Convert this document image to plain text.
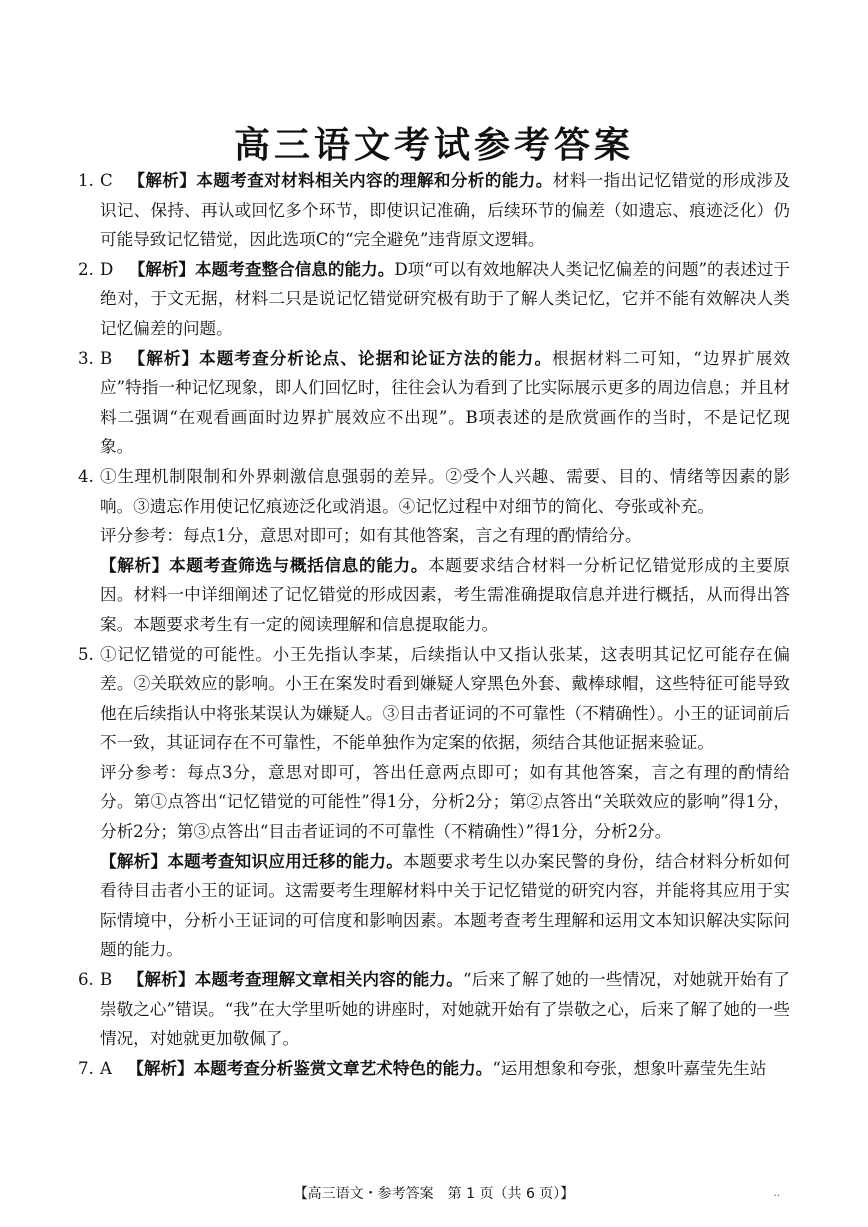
高三语文考试参考答案
1. C 【解析】本题考查对材料相关内容的理解和分析的能力。材料一指出记忆错觉的形成涉及识记、保持、再认或回忆多个环节，即使识记准确，后续环节的偏差（如遗忘、痕迹泛化）仍可能导致记忆错觉，因此选项C的“完全避免”违背原文逻辑。
2. D 【解析】本题考查整合信息的能力。D项“可以有效地解决人类记忆偏差的问题”的表述过于绝对，于文无据，材料二只是说记忆错觉研究极有助于了解人类记忆，它并不能有效解决人类记忆偏差的问题。
3. B 【解析】本题考查分析论点、论据和论证方法的能力。根据材料二可知，“边界扩展效应”特指一种记忆现象，即人们回忆时，往往会认为看到了比实际展示更多的周边信息；并且材料二强调“在观看画面时边界扩展效应不出现”。B项表述的是欣赏画作的当时，不是记忆现象。
4. ①生理机制限制和外界刺激信息强弱的差异。②受个人兴趣、需要、目的、情绪等因素的影响。③遗忘作用使记忆痕迹泛化或消退。④记忆过程中对细节的简化、夸张或补充。
评分参考：每点1分，意思对即可；如有其他答案，言之有理的酌情给分。
【解析】本题考查筛选与概括信息的能力。本题要求结合材料一分析记忆错觉形成的主要原因。材料一中详细阐述了记忆错觉的形成因素，考生需准确提取信息并进行概括，从而得出答案。本题要求考生有一定的阅读理解和信息提取能力。
5. ①记忆错觉的可能性。小王先指认李某，后续指认中又指认张某，这表明其记忆可能存在偏差。②关联效应的影响。小王在案发时看到嫌疑人穿黑色外套、戴棒球帽，这些特征可能导致他在后续指认中将张某误认为嫌疑人。③目击者证词的不可靠性（不精确性）。小王的证词前后不一致，其证词存在不可靠性，不能单独作为定案的依据，须结合其他证据来验证。
评分参考：每点3分，意思对即可，答出任意两点即可；如有其他答案，言之有理的酌情给分。第①点答出“记忆错觉的可能性”得1分，分析2分；第②点答出“关联效应的影响”得1分，分析2分；第③点答出“目击者证词的不可靠性（不精确性）”得1分，分析2分。
【解析】本题考查知识应用迁移的能力。本题要求考生以办案民警的身份，结合材料分析如何看待目击者小王的证词。这需要考生理解材料中关于记忆错觉的研究内容，并能将其应用于实际情境中，分析小王证词的可信度和影响因素。本题考查考生理解和运用文本知识解决实际问题的能力。
6. B 【解析】本题考查理解文章相关内容的能力。“后来了解了她的一些情况，对她就开始有了崇敬之心”错误。“我”在大学里听她的讲座时，对她就开始有了崇敬之心，后来了解了她的一些情况，对她就更加敬佩了。
7. A 【解析】本题考查分析鉴赏文章艺术特色的能力。“运用想象和夸张，想象叶嘉莹先生站
【高三语文・参考答案　第 1 页（共 6 页）】	..
